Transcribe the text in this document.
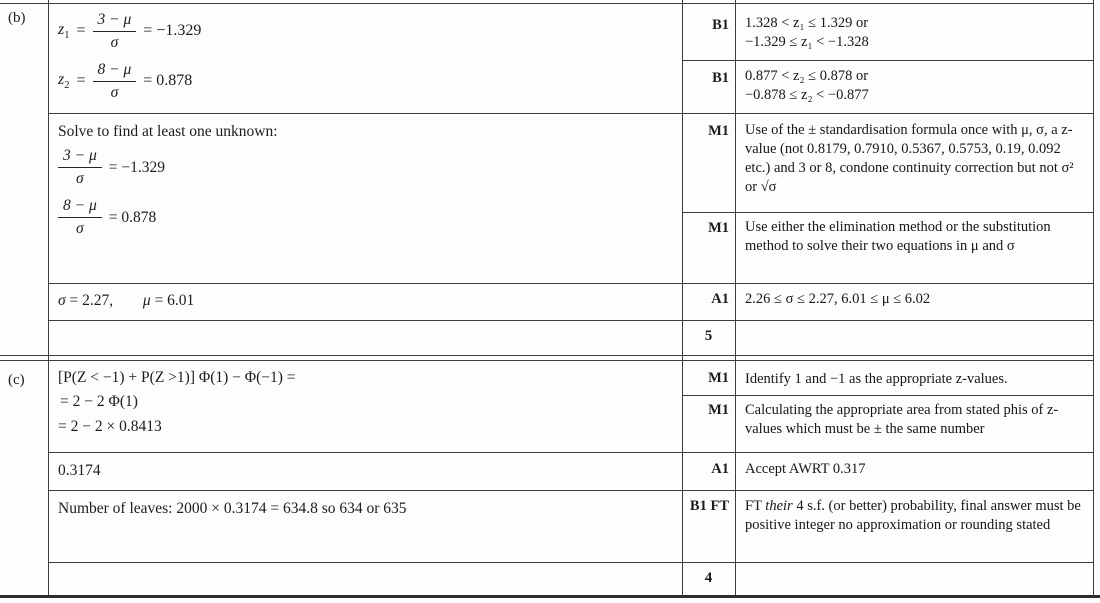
(b)
$z_1 = \frac{3 - \mu}{\sigma} = -1.329$
$z_2 = \frac{8 - \mu}{\sigma} = 0.878$
Solve to find at least one unknown:
$\frac{3 - \mu}{\sigma} = -1.329$
$\frac{8 - \mu}{\sigma} = 0.878$
σ = 2.27, μ = 6.01
B1
B1
M1
M1
A1
5
1.328 < z₁ ≤ 1.329 or
−1.329 ≤ z₁ < −1.328
0.877 < z₂ ≤ 0.878 or
−0.878 ≤ z₂ < −0.877
Use of the ± standardisation formula once with μ, σ, a z-value (not 0.8179, 0.7910, 0.5367, 0.5753, 0.19, 0.092 etc.) and 3 or 8, condone continuity correction but not σ² or √σ
Use either the elimination method or the substitution method to solve their two equations in μ and σ
2.26 ≤ σ ≤ 2.27, 6.01 ≤ μ ≤ 6.02
(c) [P(Z < −1) + P(Z >1)] Φ(1) − Φ(−1) =
= 2 − 2 Φ(1)
= 2 − 2 × 0.8413
0.3174
Number of leaves: 2000 × 0.3174 = 634.8 so 634 or 635
M1
M1
A1
B1 FT
4
Identify 1 and −1 as the appropriate z-values.
Calculating the appropriate area from stated phis of z-values which must be ± the same number
Accept AWRT 0.317
FT their 4 s.f. (or better) probability, final answer must be positive integer no approximation or rounding stated
